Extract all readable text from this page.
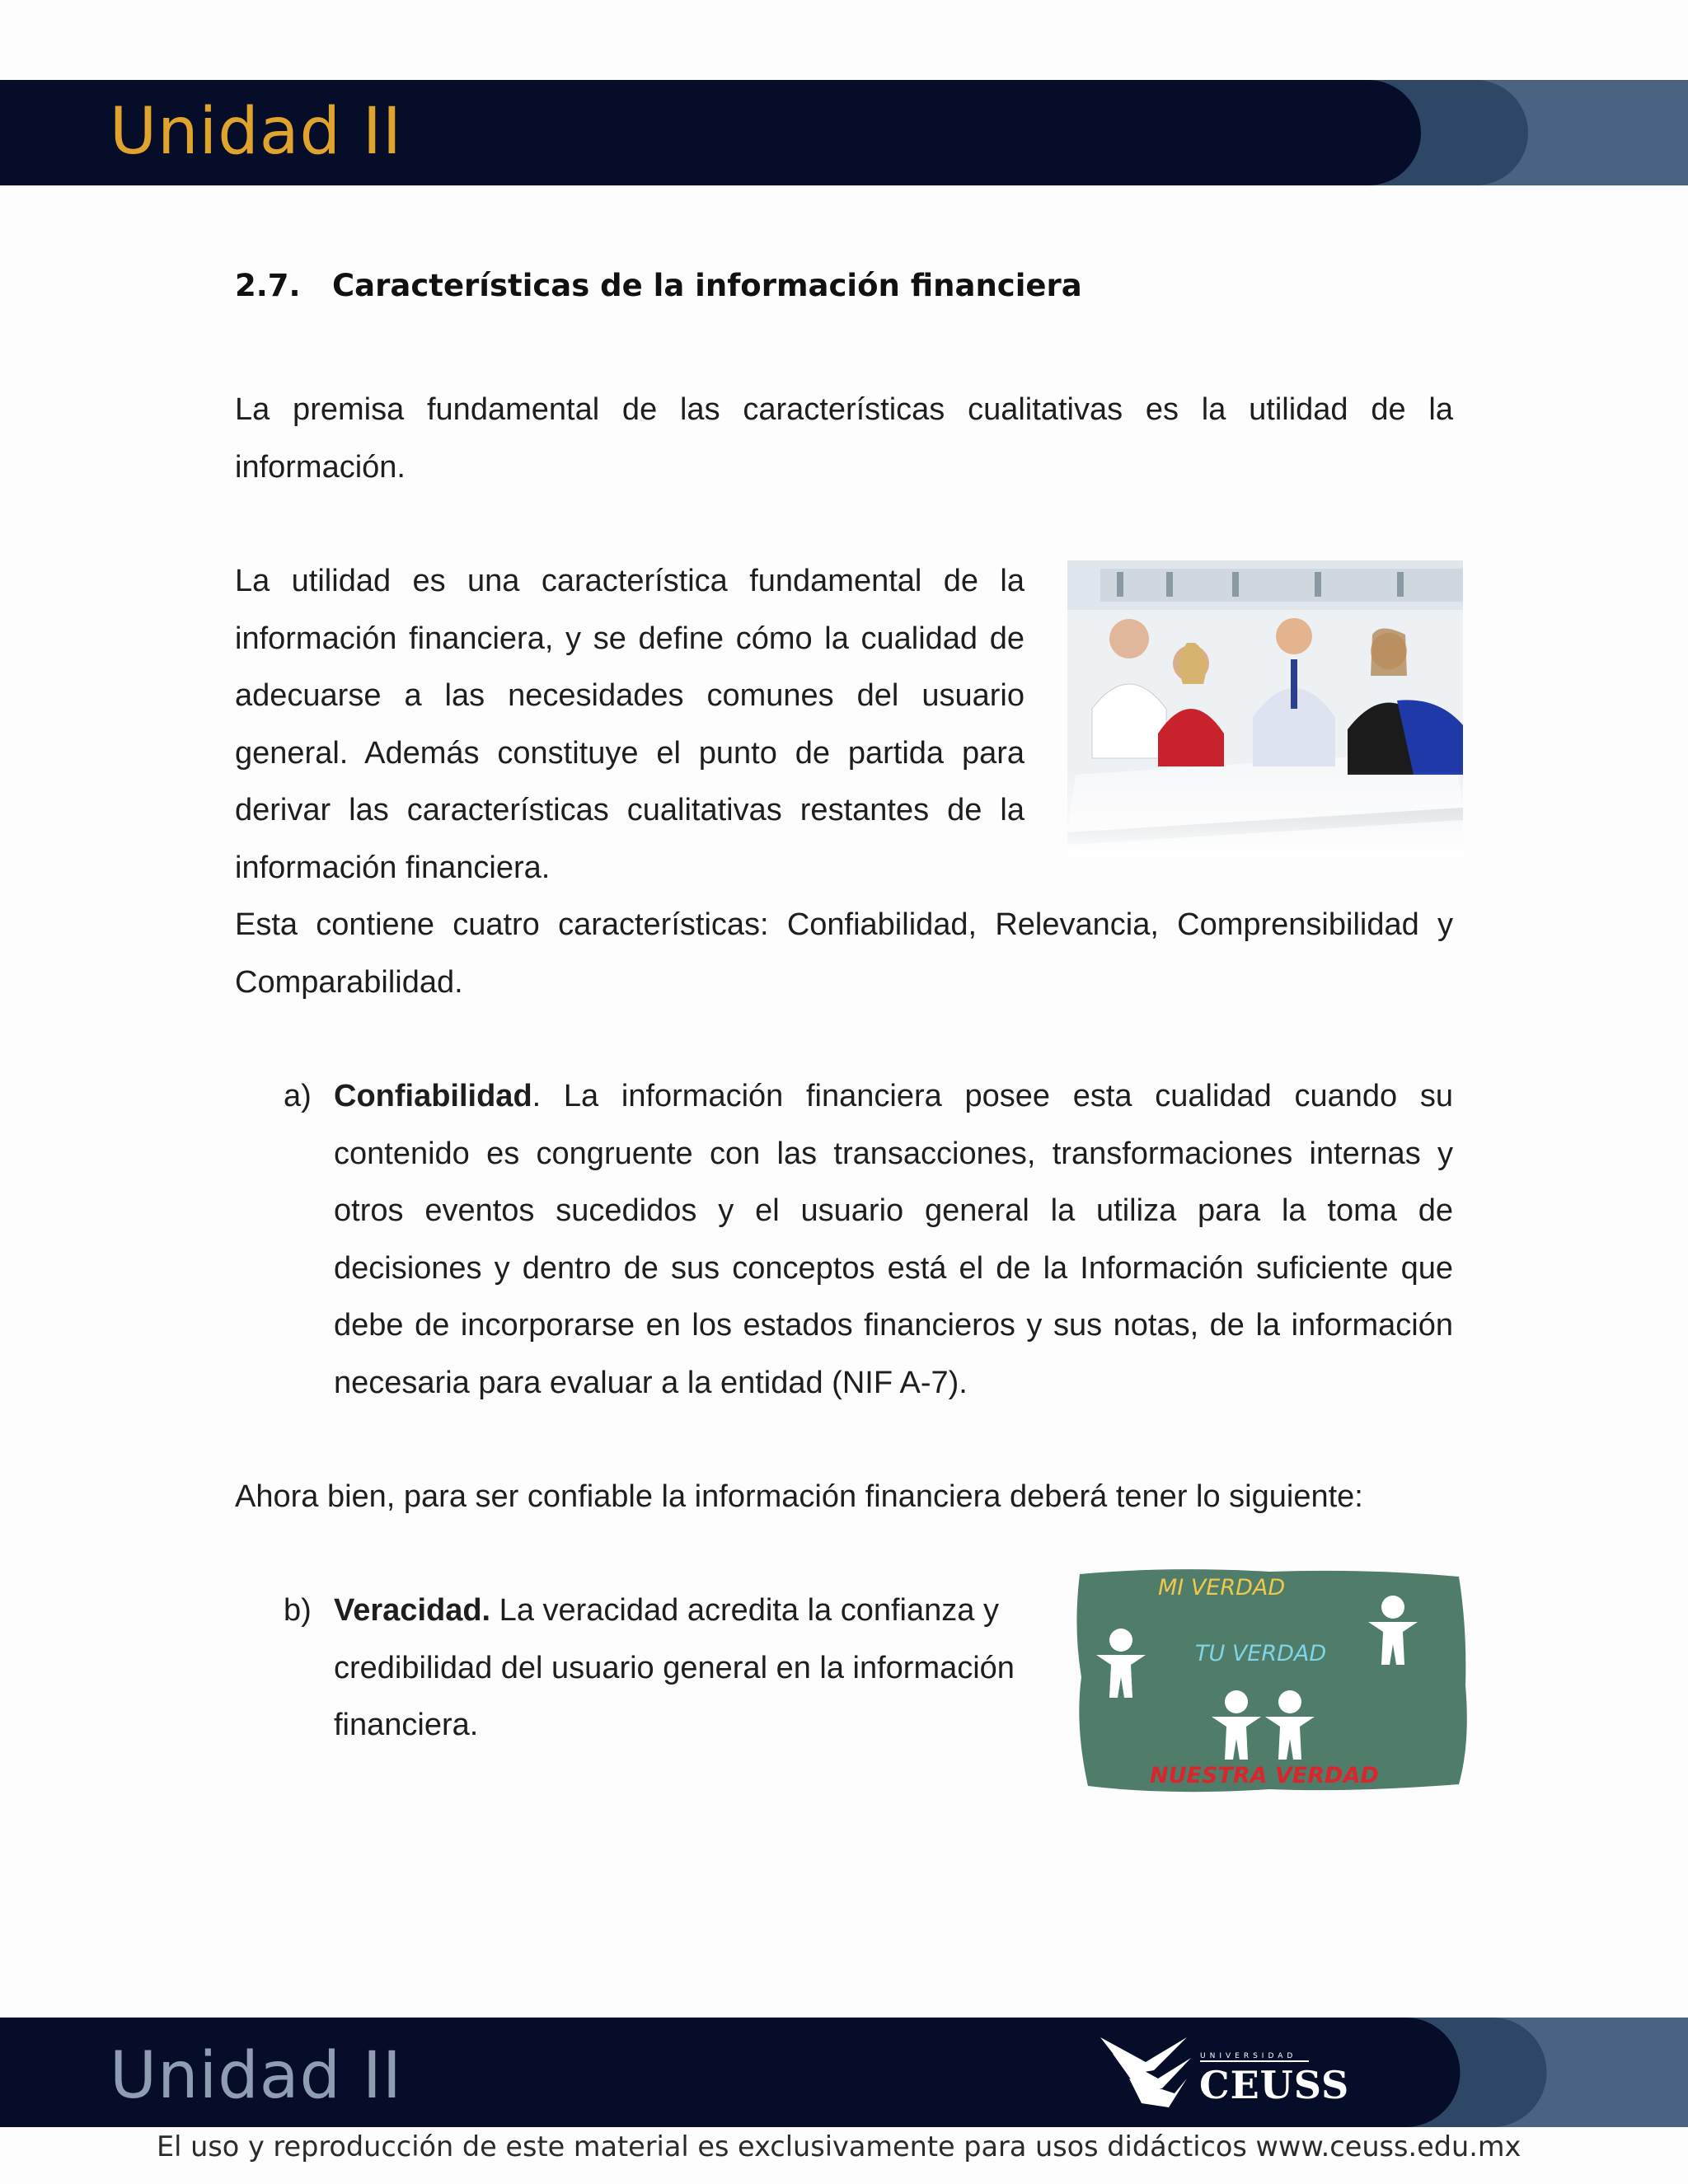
Unidad II
2.7. Características de la información financiera

La premisa fundamental de las características cualitativas es la utilidad de la información.

La utilidad es una característica fundamental de la información financiera, y se define cómo la cualidad de adecuarse a las necesidades comunes del usuario general. Además constituye el punto de partida para derivar las características cualitativas restantes de la información financiera.

Esta contiene cuatro características: Confiabilidad, Relevancia, Comprensibilidad y Comparabilidad.

a) Confiabilidad. La información financiera posee esta cualidad cuando su contenido es congruente con las transacciones, transformaciones internas y otros eventos sucedidos y el usuario general la utiliza para la toma de decisiones y dentro de sus conceptos está el de la Información suficiente que debe de incorporarse en los estados financieros y sus notas, de la información necesaria para evaluar a la entidad (NIF A-7).

Ahora bien, para ser confiable la información financiera deberá tener lo siguiente:

b) Veracidad. La veracidad acredita la confianza y credibilidad del usuario general en la información financiera.

MI VERDAD
TU VERDAD
NUESTRA VERDAD
Unidad II	UNIVERSIDAD
CEUSS
El uso y reproducción de este material es exclusivamente para usos didácticos www.ceuss.edu.mx
